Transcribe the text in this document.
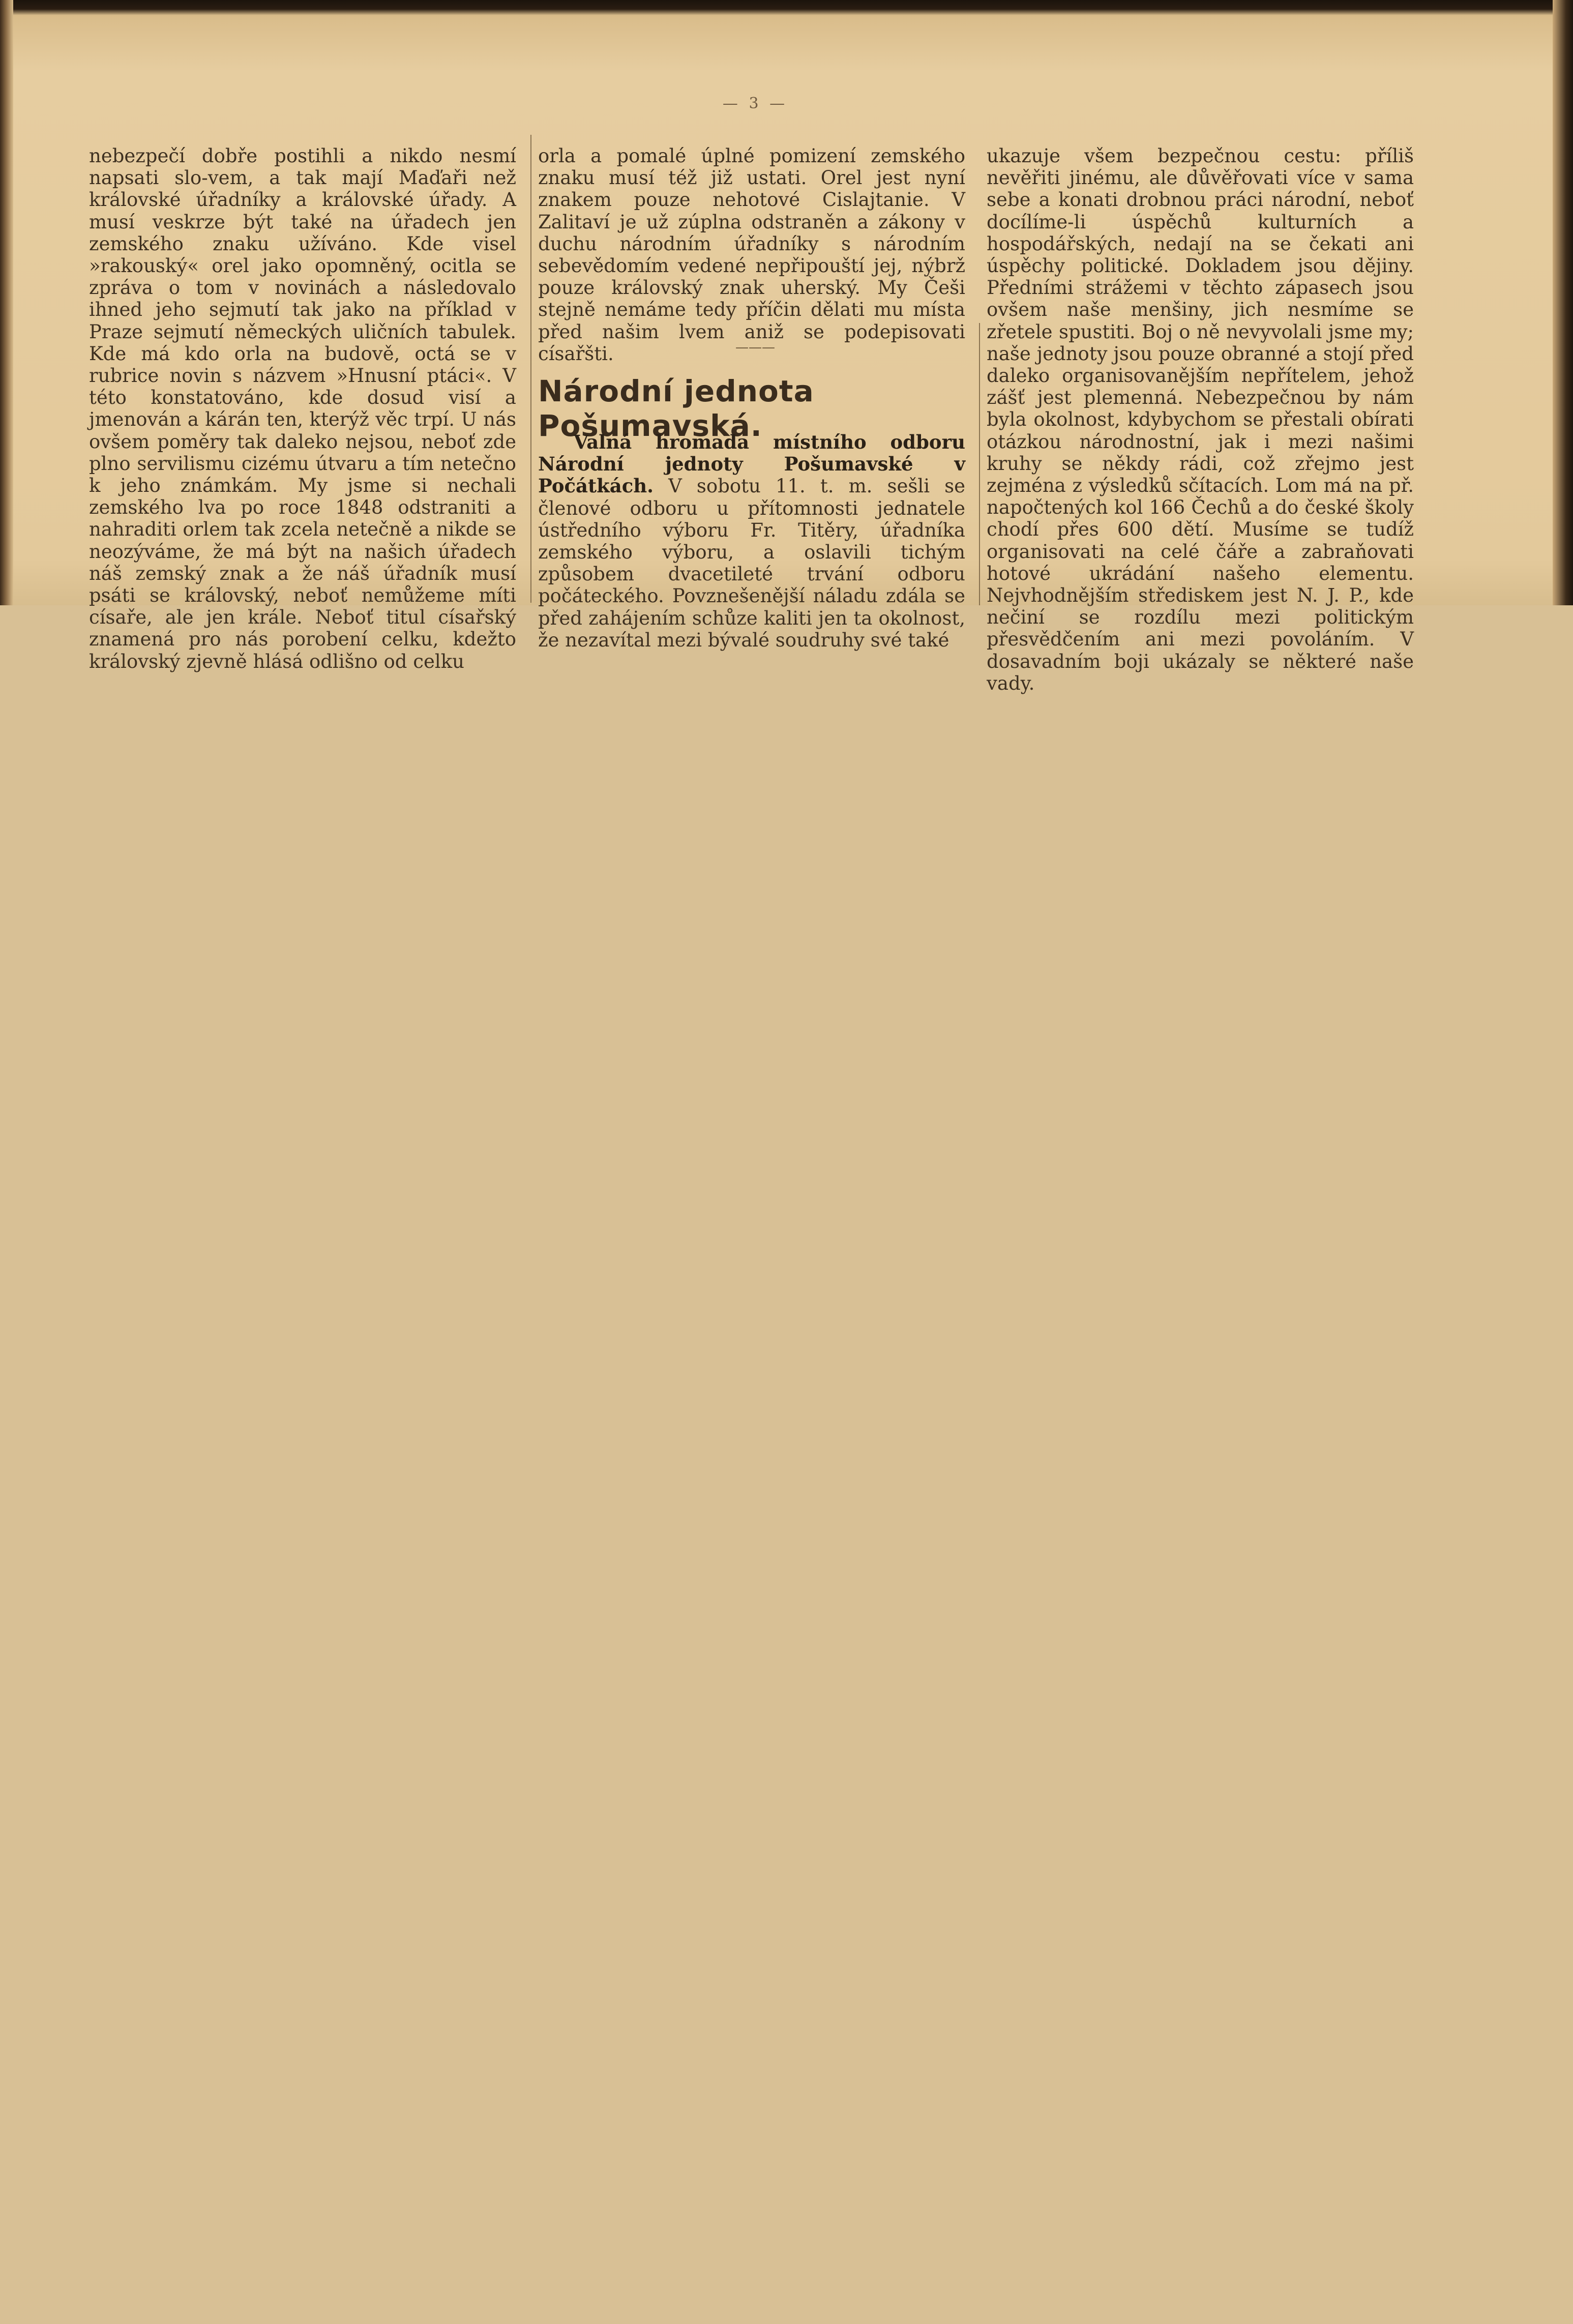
— 3 —

nebezpečí dobře postihli a nikdo nesmí napsati slo-vem, a tak mají Maďaři než královské úřadníky a královské úřady. A musí veskrze být také na úřadech jen zemského znaku užíváno. Kde visel »rakouský« orel jako opomněný, ocitla se zpráva o tom v novinách a následovalo ihned jeho sejmutí tak jako na příklad v Praze sejmutí německých uličních tabulek. Kde má kdo orla na budově, octá se v rubrice novin s názvem »Hnusní ptáci«. V této konstatováno, kde dosud visí a jmenován a kárán ten, kterýž věc trpí. U nás ovšem poměry tak daleko nejsou, neboť zde plno servilismu cizému útvaru a tím netečno k jeho známkám. My jsme si nechali zemského lva po roce 1848 odstraniti a nahraditi orlem tak zcela netečně a nikde se neozýváme, že má být na našich úřadech náš zemský znak a že náš úřadník musí psáti se královský, neboť nemůžeme míti císaře, ale jen krále. Neboť titul císařský znamená pro nás porobení celku, kdežto královský zjevně hlásá odlišno od celku

orla a pomalé úplné pomizení zemského znaku musí též již ustati. Orel jest nyní znakem pouze nehotové Cislajtanie. V Zalitaví je už zúplna odstraněn a zákony v duchu národním úřadníky s národním sebevědomím vedené nepřipouští jej, nýbrž pouze královský znak uherský. My Češi stejně nemáme tedy příčin dělati mu místa před našim lvem aniž se podepisovati císařšti.	———
Národní jednota Pošumavská.

Valná hromada místního odboru Národní jednoty Pošumavské v Počátkách. V sobotu 11. t. m. sešli se členové odboru u přítomnosti jednatele ústředního výboru Fr. Titěry, úřadníka zemského výboru, a oslavili tichým způsobem dvacetileté trvání odboru počáteckého. Povznešenější náladu zdála se před zahájením schůze kaliti jen ta okolnost, že nezavítal mezi bývalé soudruhy své také

ukazuje všem bezpečnou cestu: příliš nevěřiti jinému, ale důvěřovati více v sama sebe a konati drobnou práci národní, neboť docílíme-li úspěchů kulturních a hospodářských, nedají na se čekati ani úspěchy politické. Dokladem jsou dějiny. Předními strážemi v těchto zápasech jsou ovšem naše menšiny, jich nesmíme se zřetele spustiti. Boj o ně nevyvolali jsme my; naše jednoty jsou pouze obranné a stojí před daleko organisovanějším nepřítelem, jehož zášť jest plemenná. Nebezpečnou by nám byla okolnost, kdybychom se přestali obírati otázkou národnostní, jak i mezi našimi kruhy se někdy rádi, což zřejmo jest zejména z výsledků sčítacích. Lom má na př. napočtených kol 166 Čechů a do české školy chodí přes 600 dětí. Musíme se tudíž organisovati na celé čáře a zabraňovati hotové ukrádání našeho elementu. Nejvhodnějším střediskem jest N. J. P., kde nečiní se rozdílu mezi politickým přesvědčením ani mezi povoláním. V dosavadním boji ukázaly se některé naše vady.
